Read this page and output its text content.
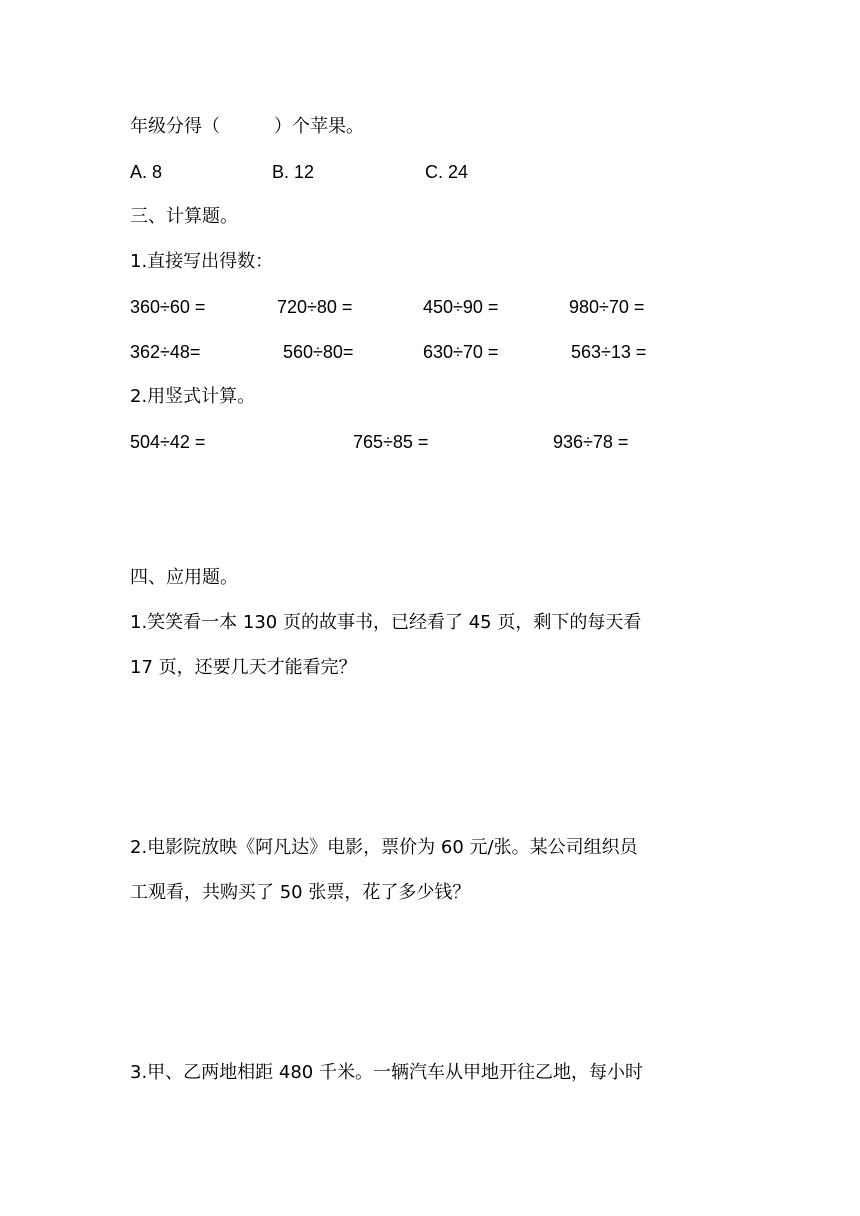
年级分得（　　　）个苹果。
A. 8	B. 12	C. 24
三、计算题。
1.直接写出得数：
360÷60 =	720÷80 =	450÷90 =	980÷70 =
362÷48=	560÷80=	630÷70 =	563÷13 =
2.用竖式计算。
504÷42 =	765÷85 =	936÷78 =
四、应用题。
1.笑笑看一本 130 页的故事书，已经看了 45 页，剩下的每天看
17 页，还要几天才能看完？
2.电影院放映《阿凡达》电影，票价为 60 元/张。某公司组织员
工观看，共购买了 50 张票，花了多少钱？
3.甲、乙两地相距 480 千米。一辆汽车从甲地开往乙地，每小时
